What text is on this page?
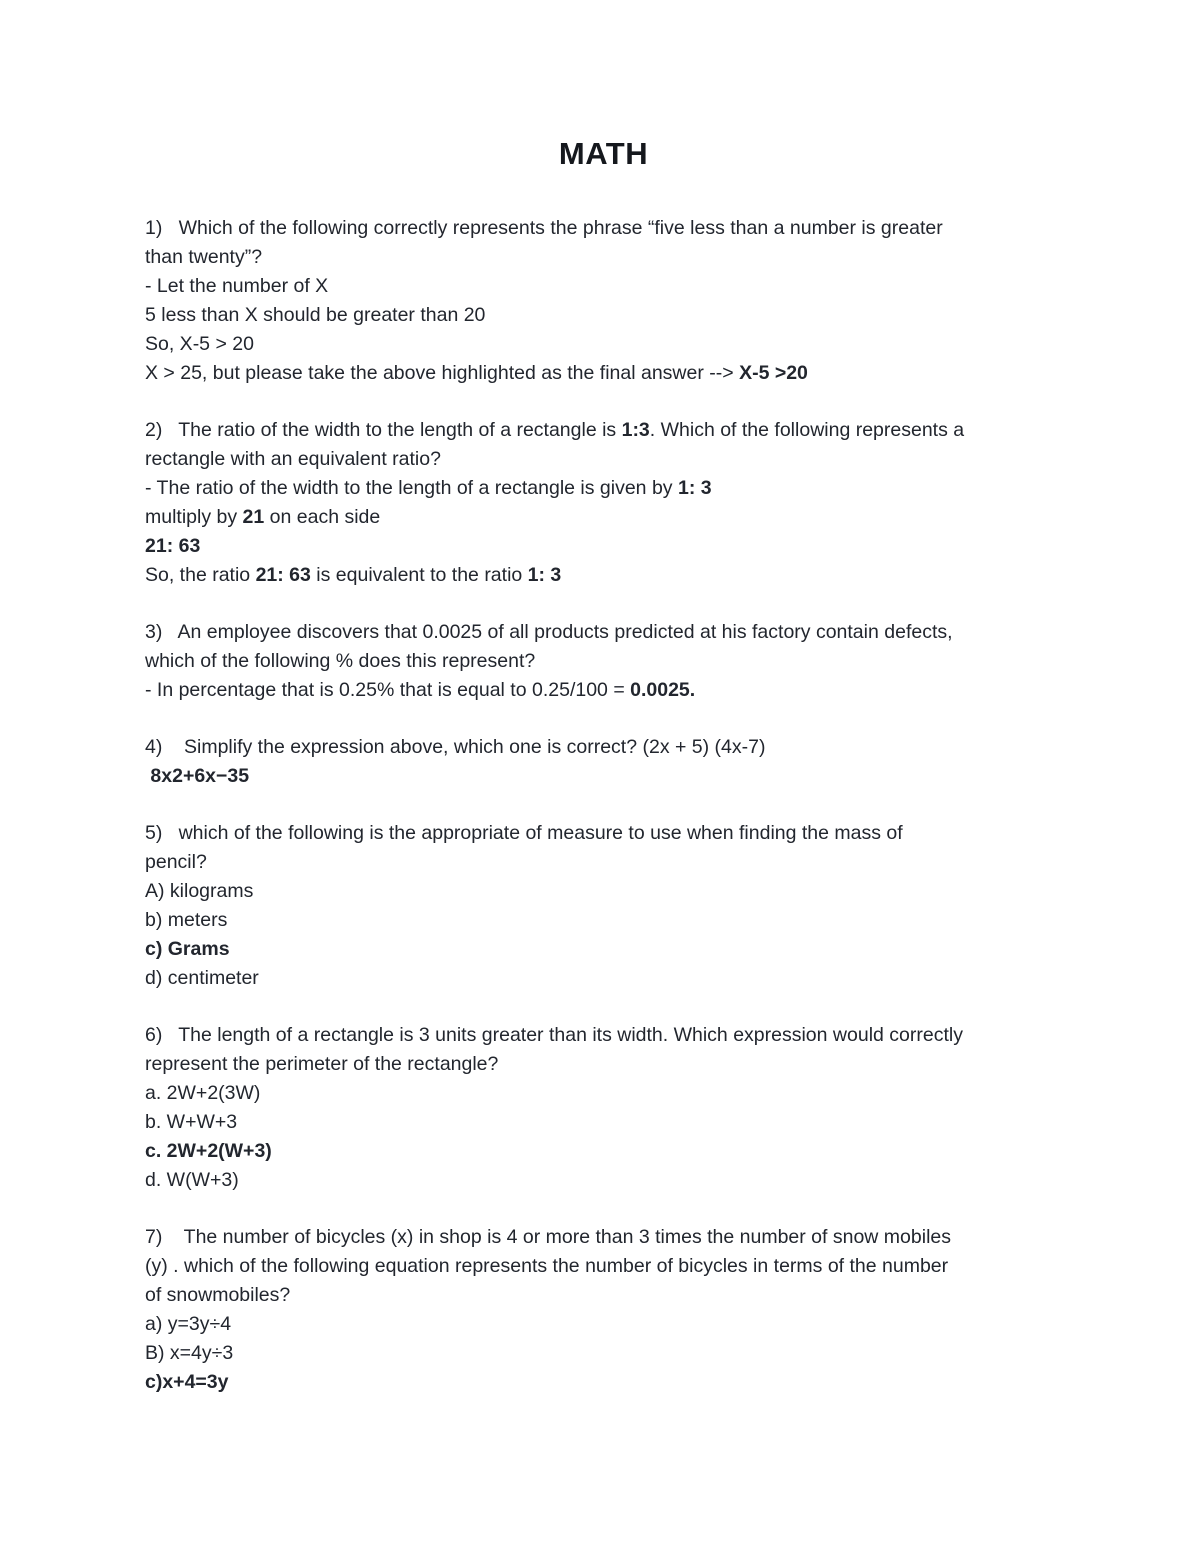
MATH
1)   Which of the following correctly represents the phrase “five less than a number is greater
than twenty”?
- Let the number of X
5 less than X should be greater than 20
So, X-5 > 20
X > 25, but please take the above highlighted as the final answer --> X-5 >20
2)   The ratio of the width to the length of a rectangle is 1:3. Which of the following represents a
rectangle with an equivalent ratio?
- The ratio of the width to the length of a rectangle is given by 1: 3
multiply by 21 on each side
21: 63
So, the ratio 21: 63 is equivalent to the ratio 1: 3
3)   An employee discovers that 0.0025 of all products predicted at his factory contain defects,
which of the following % does this represent?
- In percentage that is 0.25% that is equal to 0.25/100 = 0.0025.
4)    Simplify the expression above, which one is correct? (2x + 5) (4x-7)
8x2+6x−35
5)   which of the following is the appropriate of measure to use when finding the mass of
pencil?
A) kilograms
b) meters
c) Grams
d) centimeter
6)   The length of a rectangle is 3 units greater than its width. Which expression would correctly
represent the perimeter of the rectangle?
a. 2W+2(3W)
b. W+W+3
c. 2W+2(W+3)
d. W(W+3)
7)    The number of bicycles (x) in shop is 4 or more than 3 times the number of snow mobiles
(y) . which of the following equation represents the number of bicycles in terms of the number
of snowmobiles?
a) y=3y÷4
B) x=4y÷3
c)x+4=3y
